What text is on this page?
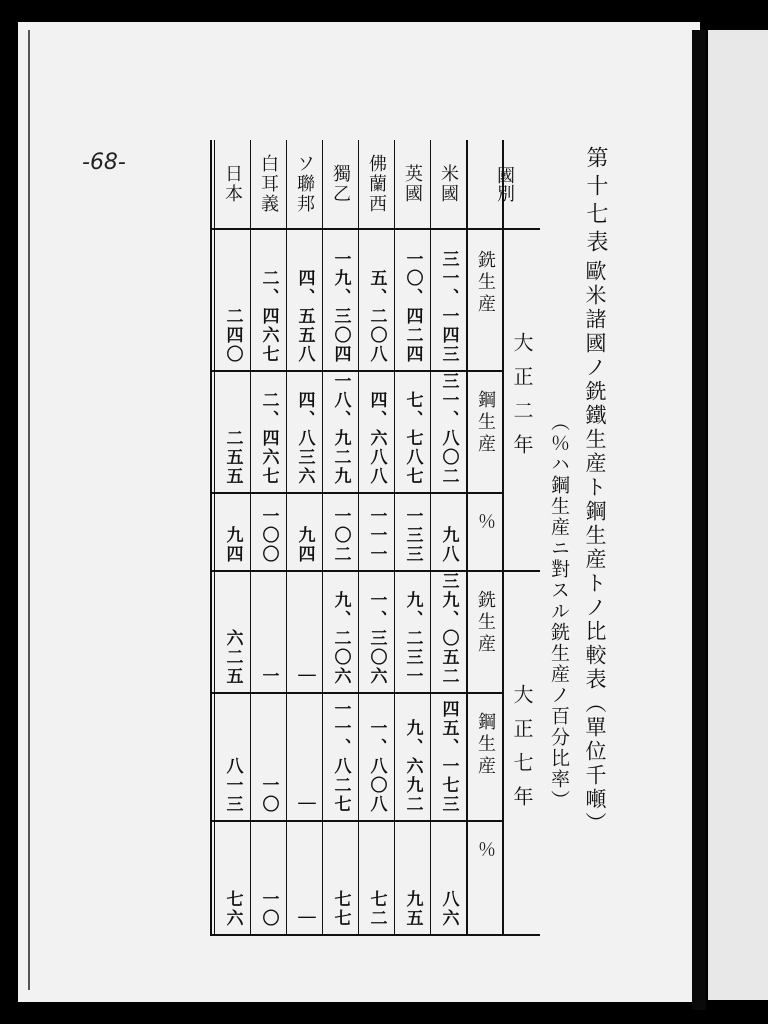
-68-	第十七表
歐米諸國ノ銑鐵生産ト鋼生産トノ比較表（單位千噸）
（％ハ鋼生産ニ對スル銑生産ノ百分比率）
國別
大正二年
大正七年
銑生産
鋼生産
％
銑生産
鋼生産
％
米國
三一、一四三
三一、八〇二
九八
三九、〇五二
四五、一七三
八六
英國
一〇、四二四
七、七八七
一三三
九、二三一
九、六九二
九五
佛蘭西
五、二〇八
四、六八八
一一一
一、三〇六
一、八〇八
七二
獨乙
一九、三〇四
一八、九二九
一〇二
九、二〇六
一一、八二七
七七
ソ聯邦
四、五五八
四、八三六
九四
｜
｜
｜
白耳義
二、四六七
二、四六七
一〇〇
一
一〇
一〇
日本
二四〇
二五五
九四
六二五
八一三
七六
